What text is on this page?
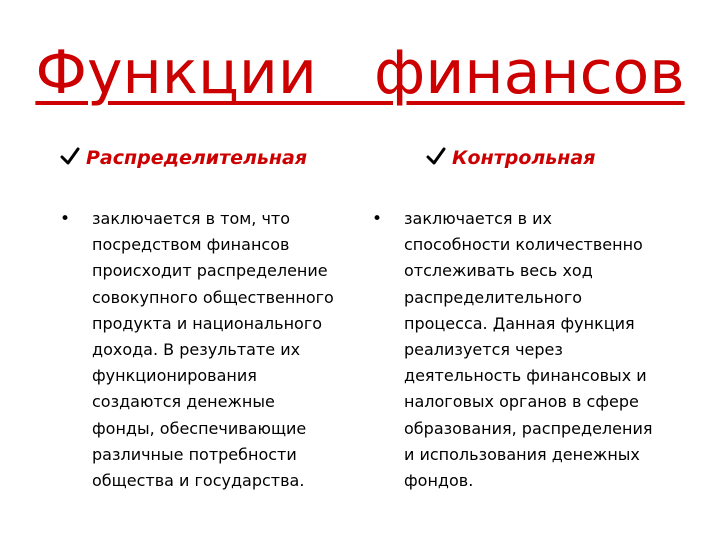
Функции   финансов
Распределительная
•	заключается в том, что
посредством финансов
происходит распределение
совокупного общественного
продукта и национального
дохода. В результате их
функционирования
создаются денежные
фонды, обеспечивающие
различные потребности
общества и государства.

Контрольная
•	заключается в их
способности количественно
отслеживать весь ход
распределительного
процесса. Данная функция
реализуется через
деятельность финансовых и
налоговых органов в сфере
образования, распределения
и использования денежных
фондов.
